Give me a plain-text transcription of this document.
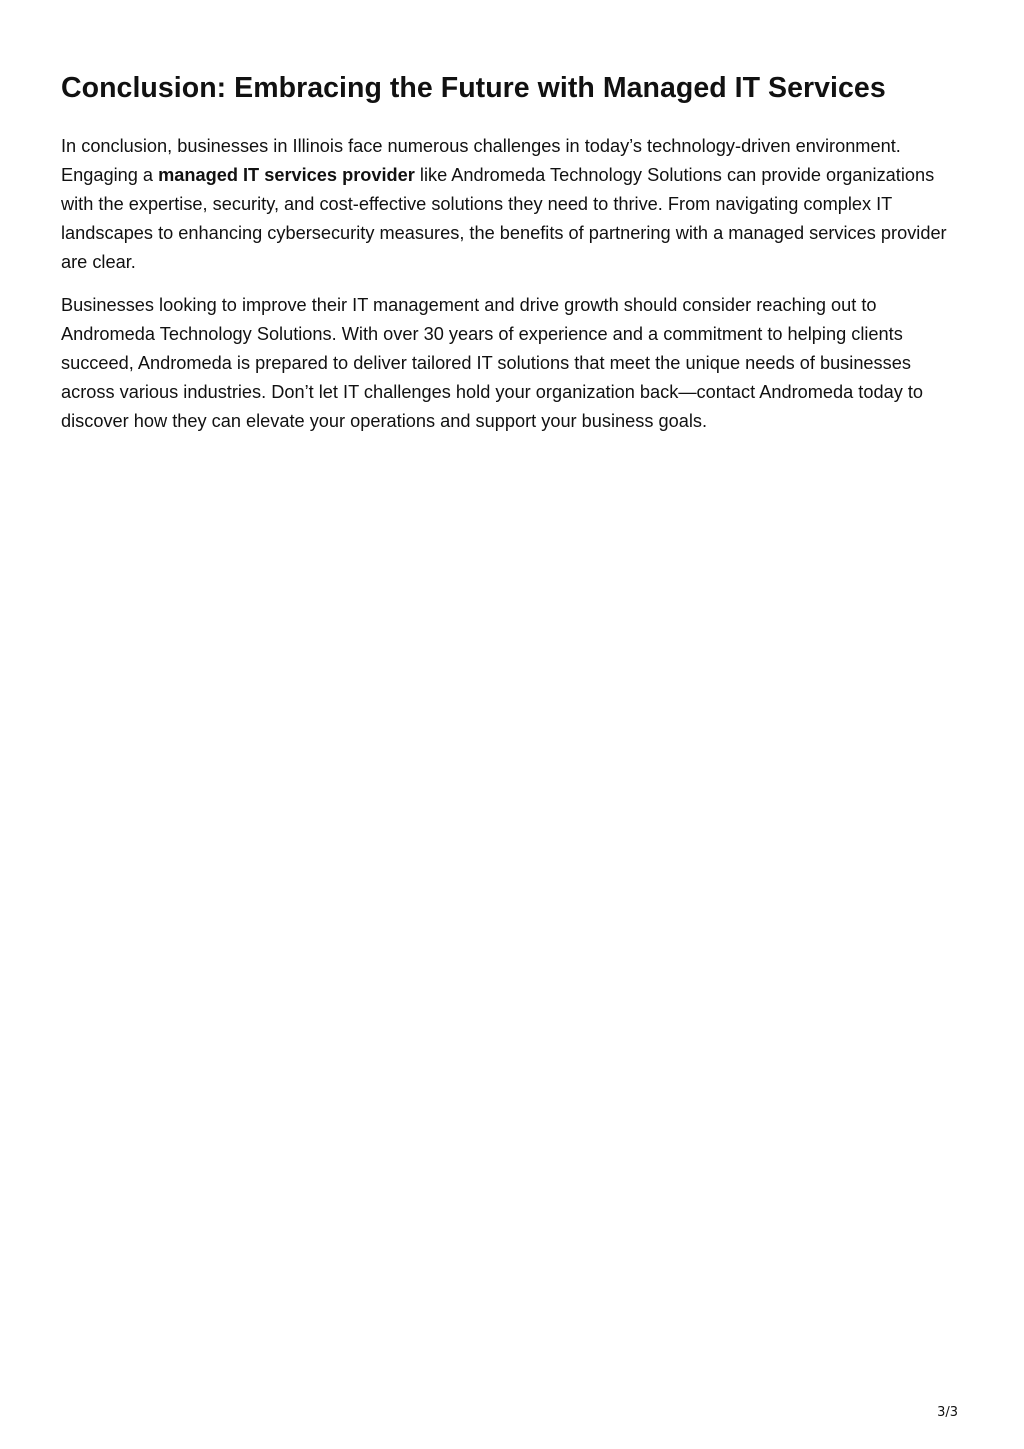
Conclusion: Embracing the Future with Managed IT Services

In conclusion, businesses in Illinois face numerous challenges in today’s technology-driven environment. Engaging a managed IT services provider like Andromeda Technology Solutions can provide organizations with the expertise, security, and cost-effective solutions they need to thrive. From navigating complex IT landscapes to enhancing cybersecurity measures, the benefits of partnering with a managed services provider are clear.

Businesses looking to improve their IT management and drive growth should consider reaching out to Andromeda Technology Solutions. With over 30 years of experience and a commitment to helping clients succeed, Andromeda is prepared to deliver tailored IT solutions that meet the unique needs of businesses across various industries. Don’t let IT challenges hold your organization back—contact Andromeda today to discover how they can elevate your operations and support your business goals.

3/3
